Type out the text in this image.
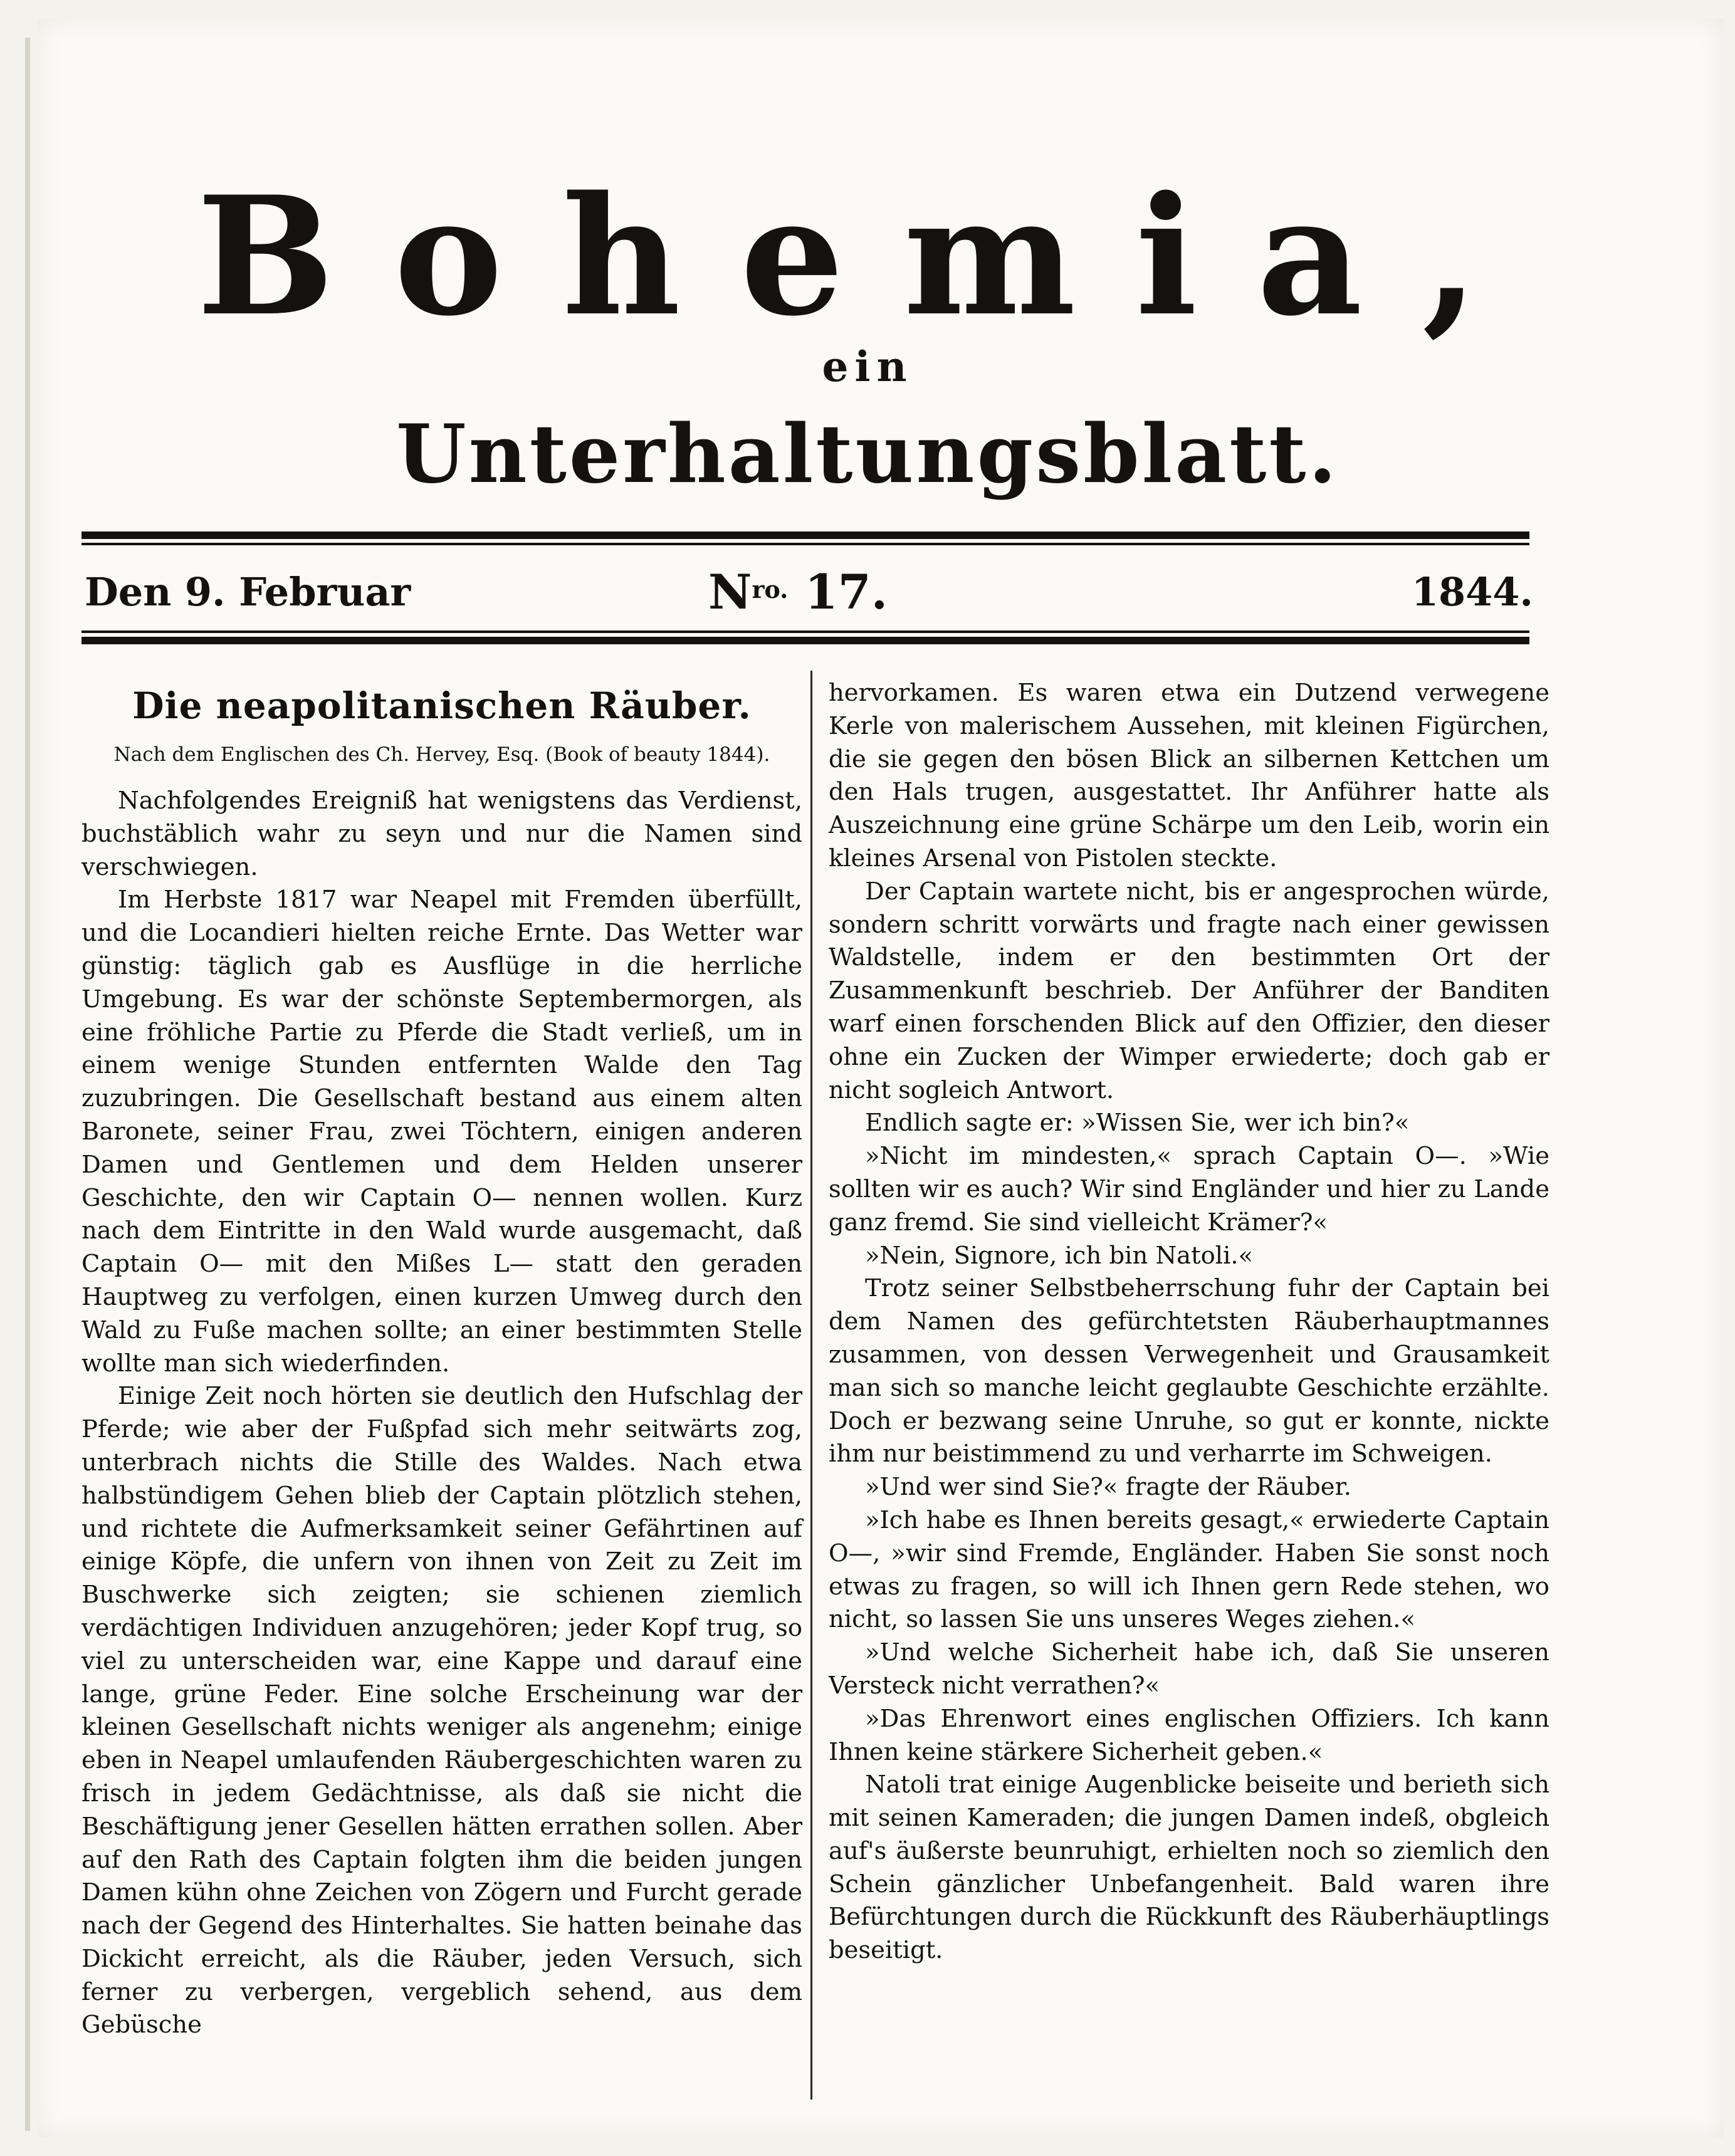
Bohemia,
ein
Unterhaltungsblatt.
Den 9. Februar	$N^{ro.}$ 17.	1844.
Die neapolitanischen Räuber.
Nach dem Englischen des Ch. Hervey, Esq. (Book of beauty 1844).

Nachfolgendes Ereigniß hat wenigstens das Verdienst, buchstäblich wahr zu seyn und nur die Namen sind verschwiegen.

Im Herbste 1817 war Neapel mit Fremden überfüllt, und die Locandieri hielten reiche Ernte. Das Wetter war günstig: täglich gab es Ausflüge in die herrliche Umgebung. Es war der schönste Septembermorgen, als eine fröhliche Partie zu Pferde die Stadt verließ, um in einem wenige Stunden entfernten Walde den Tag zuzubringen. Die Gesellschaft bestand aus einem alten Baronete, seiner Frau, zwei Töchtern, einigen anderen Damen und Gentlemen und dem Helden unserer Geschichte, den wir Captain O— nennen wollen. Kurz nach dem Eintritte in den Wald wurde ausgemacht, daß Captain O— mit den Mißes L— statt den geraden Hauptweg zu verfolgen, einen kurzen Umweg durch den Wald zu Fuße machen sollte; an einer bestimmten Stelle wollte man sich wiederfinden.

Einige Zeit noch hörten sie deutlich den Hufschlag der Pferde; wie aber der Fußpfad sich mehr seitwärts zog, unterbrach nichts die Stille des Waldes. Nach etwa halbstündigem Gehen blieb der Captain plötzlich stehen, und richtete die Aufmerksamkeit seiner Gefährtinen auf einige Köpfe, die unfern von ihnen von Zeit zu Zeit im Buschwerke sich zeigten; sie schienen ziemlich verdächtigen Individuen anzugehören; jeder Kopf trug, so viel zu unterscheiden war, eine Kappe und darauf eine lange, grüne Feder. Eine solche Erscheinung war der kleinen Gesellschaft nichts weniger als angenehm; einige eben in Neapel umlaufenden Räubergeschichten waren zu frisch in jedem Gedächtnisse, als daß sie nicht die Beschäftigung jener Gesellen hätten errathen sollen. Aber auf den Rath des Captain folgten ihm die beiden jungen Damen kühn ohne Zeichen von Zögern und Furcht gerade nach der Gegend des Hinterhaltes. Sie hatten beinahe das Dickicht erreicht, als die Räuber, jeden Versuch, sich ferner zu verbergen, vergeblich sehend, aus dem Gebüsche

hervorkamen. Es waren etwa ein Dutzend verwegene Kerle von malerischem Aussehen, mit kleinen Figürchen, die sie gegen den bösen Blick an silbernen Kettchen um den Hals trugen, ausgestattet. Ihr Anführer hatte als Auszeichnung eine grüne Schärpe um den Leib, worin ein kleines Arsenal von Pistolen steckte.

Der Captain wartete nicht, bis er angesprochen würde, sondern schritt vorwärts und fragte nach einer gewissen Waldstelle, indem er den bestimmten Ort der Zusammenkunft beschrieb. Der Anführer der Banditen warf einen forschenden Blick auf den Offizier, den dieser ohne ein Zucken der Wimper erwiederte; doch gab er nicht sogleich Antwort.

Endlich sagte er: »Wissen Sie, wer ich bin?«

»Nicht im mindesten,« sprach Captain O—. »Wie sollten wir es auch? Wir sind Engländer und hier zu Lande ganz fremd. Sie sind vielleicht Krämer?«

»Nein, Signore, ich bin Natoli.«

Trotz seiner Selbstbeherrschung fuhr der Captain bei dem Namen des gefürchtetsten Räuberhauptmannes zusammen, von dessen Verwegenheit und Grausamkeit man sich so manche leicht geglaubte Geschichte erzählte. Doch er bezwang seine Unruhe, so gut er konnte, nickte ihm nur beistimmend zu und verharrte im Schweigen.

»Und wer sind Sie?« fragte der Räuber.

»Ich habe es Ihnen bereits gesagt,« erwiederte Captain O—, »wir sind Fremde, Engländer. Haben Sie sonst noch etwas zu fragen, so will ich Ihnen gern Rede stehen, wo nicht, so lassen Sie uns unseres Weges ziehen.«

»Und welche Sicherheit habe ich, daß Sie unseren Versteck nicht verrathen?«

»Das Ehrenwort eines englischen Offiziers. Ich kann Ihnen keine stärkere Sicherheit geben.«

Natoli trat einige Augenblicke beiseite und berieth sich mit seinen Kameraden; die jungen Damen indeß, obgleich auf's äußerste beunruhigt, erhielten noch so ziemlich den Schein gänzlicher Unbefangenheit. Bald waren ihre Befürchtungen durch die Rückkunft des Räuberhäuptlings beseitigt.
